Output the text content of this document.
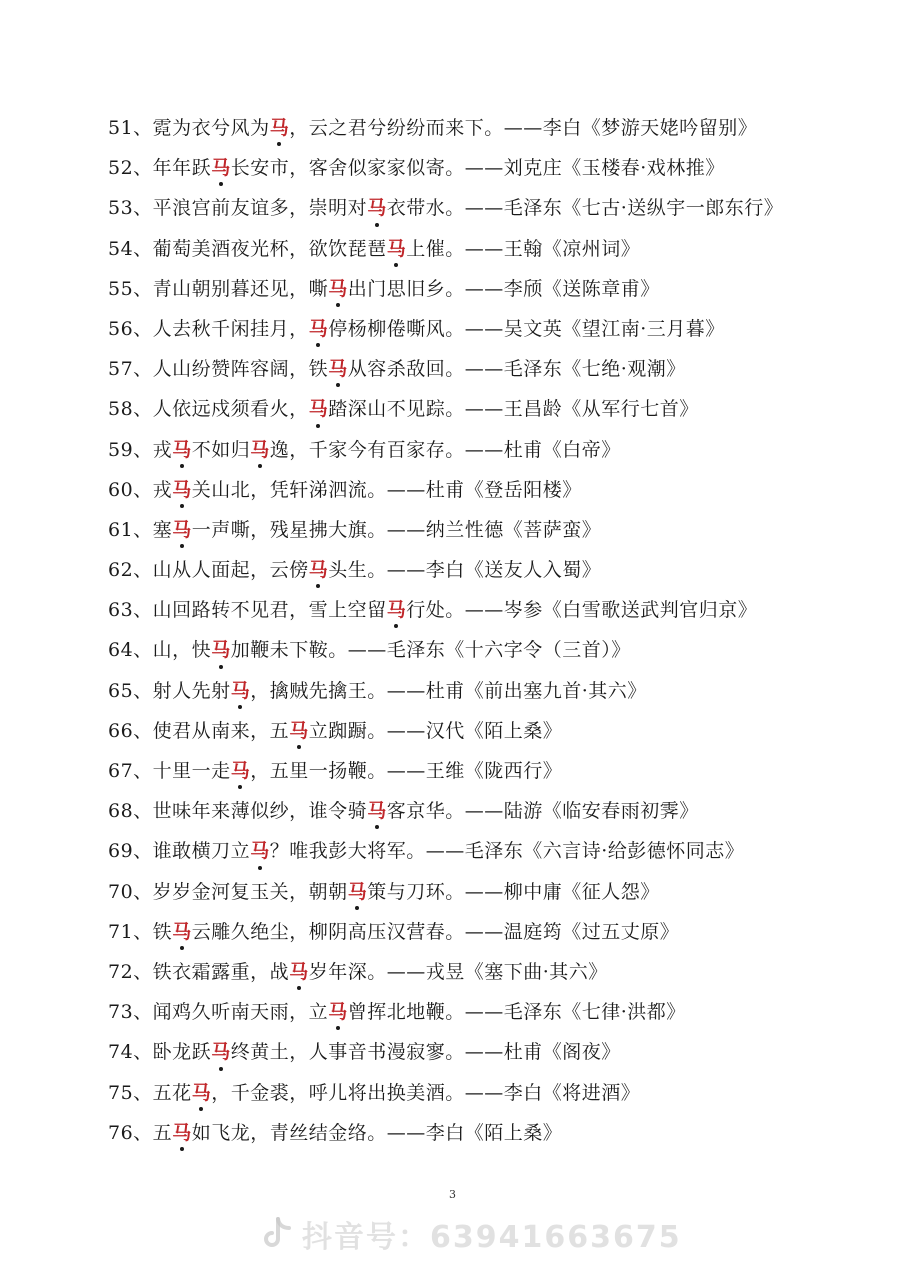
51、霓为衣兮风为马，云之君兮纷纷而来下。——李白《梦游天姥吟留别》
52、年年跃马长安市，客舍似家家似寄。——刘克庄《玉楼春·戏林推》
53、平浪宫前友谊多，崇明对马衣带水。——毛泽东《七古·送纵宇一郎东行》
54、葡萄美酒夜光杯，欲饮琵琶马上催。——王翰《凉州词》
55、青山朝别暮还见，嘶马出门思旧乡。——李颀《送陈章甫》
56、人去秋千闲挂月，马停杨柳倦嘶风。——吴文英《望江南·三月暮》
57、人山纷赞阵容阔，铁马从容杀敌回。——毛泽东《七绝·观潮》
58、人依远戍须看火，马踏深山不见踪。——王昌龄《从军行七首》
59、戎马不如归马逸，千家今有百家存。——杜甫《白帝》
60、戎马关山北，凭轩涕泗流。——杜甫《登岳阳楼》
61、塞马一声嘶，残星拂大旗。——纳兰性德《菩萨蛮》
62、山从人面起，云傍马头生。——李白《送友人入蜀》
63、山回路转不见君，雪上空留马行处。——岑参《白雪歌送武判官归京》
64、山，快马加鞭未下鞍。——毛泽东《十六字令（三首）》
65、射人先射马，擒贼先擒王。——杜甫《前出塞九首·其六》
66、使君从南来，五马立踟蹰。——汉代《陌上桑》
67、十里一走马，五里一扬鞭。——王维《陇西行》
68、世味年来薄似纱，谁令骑马客京华。——陆游《临安春雨初霁》
69、谁敢横刀立马？唯我彭大将军。——毛泽东《六言诗·给彭德怀同志》
70、岁岁金河复玉关，朝朝马策与刀环。——柳中庸《征人怨》
71、铁马云雕久绝尘，柳阴高压汉营春。——温庭筠《过五丈原》
72、铁衣霜露重，战马岁年深。——戎昱《塞下曲·其六》
73、闻鸡久听南天雨，立马曾挥北地鞭。——毛泽东《七律·洪都》
74、卧龙跃马终黄土，人事音书漫寂寥。——杜甫《阁夜》
75、五花马，千金裘，呼儿将出换美酒。——李白《将进酒》
76、五马如飞龙，青丝结金络。——李白《陌上桑》
3
抖音号：63941663675
